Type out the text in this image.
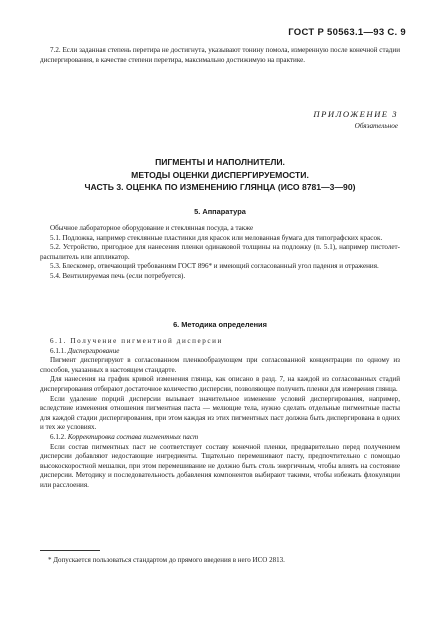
ГОСТ Р 50563.1—93 С. 9
7.2. Если заданная степень перетира не достигнута, указывают тонину помола, измеренную после конечной стадии диспергирования, в качестве степени перетира, максимально достижимую на практике.
ПРИЛОЖЕНИЕ 3
Обязательное
ПИГМЕНТЫ И НАПОЛНИТЕЛИ.
МЕТОДЫ ОЦЕНКИ ДИСПЕРГИРУЕМОСТИ.
ЧАСТЬ 3. ОЦЕНКА ПО ИЗМЕНЕНИЮ ГЛЯНЦА (ИСО 8781—3—90)
5. Аппаратура

Обычное лабораторное оборудование и стеклянная посуда, а также

5.1. Подложка, например стеклянные пластинки для красок или мелованная бумага для типографских красок.

5.2. Устройство, пригодное для нанесения пленки одинаковой толщины на подложку (п. 5.1), например пистолет-распылитель или аппликатор.

5.3. Блескомер, отвечающий требованиям ГОСТ 896* и имеющий согласованный угол падения и отражения.

5.4. Вентилируемая печь (если потребуется).

6. Методика определения

6.1. Получение пигментной дисперсии

6.1.1. Диспергирование

Пигмент диспергируют в согласованном пленкообразующем при согласованной концентрации по одному из способов, указанных в настоящем стандарте.

Для нанесения на график кривой изменения глянца, как описано в разд. 7, на каждой из согласованных стадий диспергирования отбирают достаточное количество дисперсии, позволяющее получить пленки для измерения глянца.

Если удаление порций дисперсии вызывает значительное изменение условий диспергирования, например, вследствие изменения отношения пигментная паста — мелющие тела, нужно сделать отдельные пигментные пасты для каждой стадии диспергирования, при этом каждая из этих пигментных паст должна быть диспергирована в одних и тех же условиях.

6.1.2. Корректировка состава пигментных паст

Если состав пигментных паст не соответствует составу конечной пленки, предварительно перед получением дисперсии добавляют недостающие ингредиенты. Тщательно перемешивают пасту, предпочтительно с помощью высокоскоростной мешалки, при этом перемешивание не должно быть столь энергичным, чтобы влиять на состояние дисперсии. Методику и последовательность добавления компонентов выбирают такими, чтобы избежать флокуляции или расслоения.

* Допускается пользоваться стандартом до прямого введения в него ИСО 2813.
